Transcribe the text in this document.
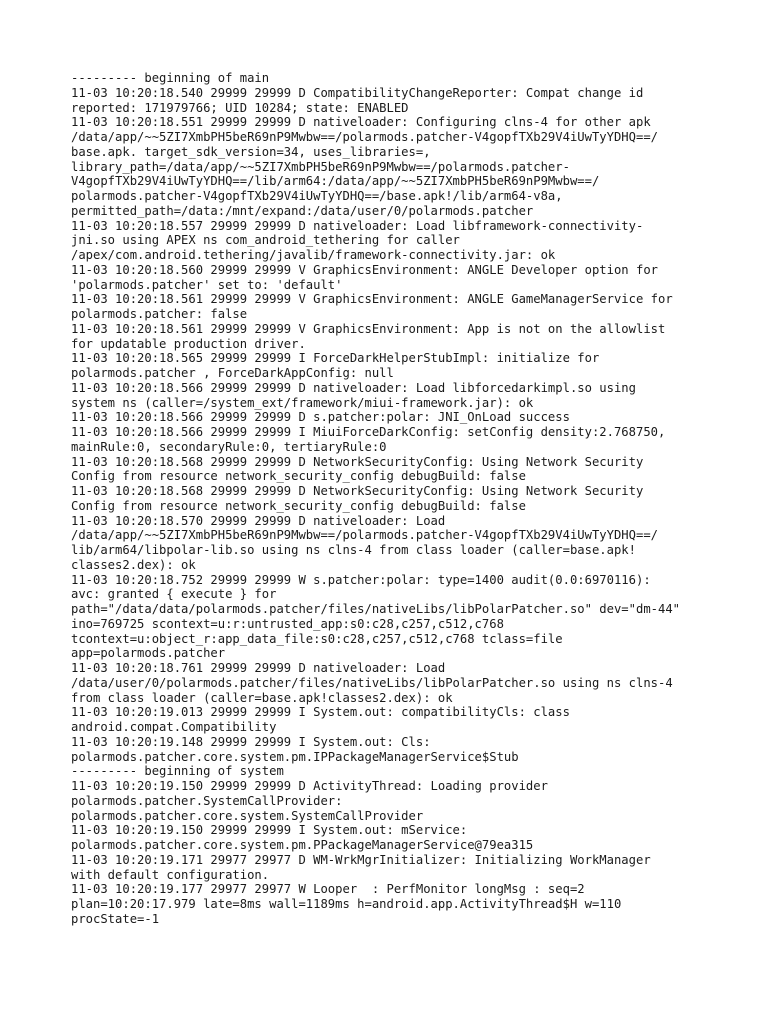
--------- beginning of main
11-03 10:20:18.540 29999 29999 D CompatibilityChangeReporter: Compat change id
reported: 171979766; UID 10284; state: ENABLED
11-03 10:20:18.551 29999 29999 D nativeloader: Configuring clns-4 for other apk
/data/app/~~5ZI7XmbPH5beR69nP9Mwbw==/polarmods.patcher-V4gopfTXb29V4iUwTyYDHQ==/
base.apk. target_sdk_version=34, uses_libraries=,
library_path=/data/app/~~5ZI7XmbPH5beR69nP9Mwbw==/polarmods.patcher-
V4gopfTXb29V4iUwTyYDHQ==/lib/arm64:/data/app/~~5ZI7XmbPH5beR69nP9Mwbw==/
polarmods.patcher-V4gopfTXb29V4iUwTyYDHQ==/base.apk!/lib/arm64-v8a,
permitted_path=/data:/mnt/expand:/data/user/0/polarmods.patcher
11-03 10:20:18.557 29999 29999 D nativeloader: Load libframework-connectivity-
jni.so using APEX ns com_android_tethering for caller
/apex/com.android.tethering/javalib/framework-connectivity.jar: ok
11-03 10:20:18.560 29999 29999 V GraphicsEnvironment: ANGLE Developer option for
'polarmods.patcher' set to: 'default'
11-03 10:20:18.561 29999 29999 V GraphicsEnvironment: ANGLE GameManagerService for
polarmods.patcher: false
11-03 10:20:18.561 29999 29999 V GraphicsEnvironment: App is not on the allowlist
for updatable production driver.
11-03 10:20:18.565 29999 29999 I ForceDarkHelperStubImpl: initialize for
polarmods.patcher , ForceDarkAppConfig: null
11-03 10:20:18.566 29999 29999 D nativeloader: Load libforcedarkimpl.so using
system ns (caller=/system_ext/framework/miui-framework.jar): ok
11-03 10:20:18.566 29999 29999 D s.patcher:polar: JNI_OnLoad success
11-03 10:20:18.566 29999 29999 I MiuiForceDarkConfig: setConfig density:2.768750,
mainRule:0, secondaryRule:0, tertiaryRule:0
11-03 10:20:18.568 29999 29999 D NetworkSecurityConfig: Using Network Security
Config from resource network_security_config debugBuild: false
11-03 10:20:18.568 29999 29999 D NetworkSecurityConfig: Using Network Security
Config from resource network_security_config debugBuild: false
11-03 10:20:18.570 29999 29999 D nativeloader: Load
/data/app/~~5ZI7XmbPH5beR69nP9Mwbw==/polarmods.patcher-V4gopfTXb29V4iUwTyYDHQ==/
lib/arm64/libpolar-lib.so using ns clns-4 from class loader (caller=base.apk!
classes2.dex): ok
11-03 10:20:18.752 29999 29999 W s.patcher:polar: type=1400 audit(0.0:6970116):
avc: granted { execute } for
path="/data/data/polarmods.patcher/files/nativeLibs/libPolarPatcher.so" dev="dm-44"
ino=769725 scontext=u:r:untrusted_app:s0:c28,c257,c512,c768
tcontext=u:object_r:app_data_file:s0:c28,c257,c512,c768 tclass=file
app=polarmods.patcher
11-03 10:20:18.761 29999 29999 D nativeloader: Load
/data/user/0/polarmods.patcher/files/nativeLibs/libPolarPatcher.so using ns clns-4
from class loader (caller=base.apk!classes2.dex): ok
11-03 10:20:19.013 29999 29999 I System.out: compatibilityCls: class
android.compat.Compatibility
11-03 10:20:19.148 29999 29999 I System.out: Cls:
polarmods.patcher.core.system.pm.IPPackageManagerService$Stub
--------- beginning of system
11-03 10:20:19.150 29999 29999 D ActivityThread: Loading provider
polarmods.patcher.SystemCallProvider:
polarmods.patcher.core.system.SystemCallProvider
11-03 10:20:19.150 29999 29999 I System.out: mService:
polarmods.patcher.core.system.pm.PPackageManagerService@79ea315
11-03 10:20:19.171 29977 29977 D WM-WrkMgrInitializer: Initializing WorkManager
with default configuration.
11-03 10:20:19.177 29977 29977 W Looper  : PerfMonitor longMsg : seq=2
plan=10:20:17.979 late=8ms wall=1189ms h=android.app.ActivityThread$H w=110
procState=-1
